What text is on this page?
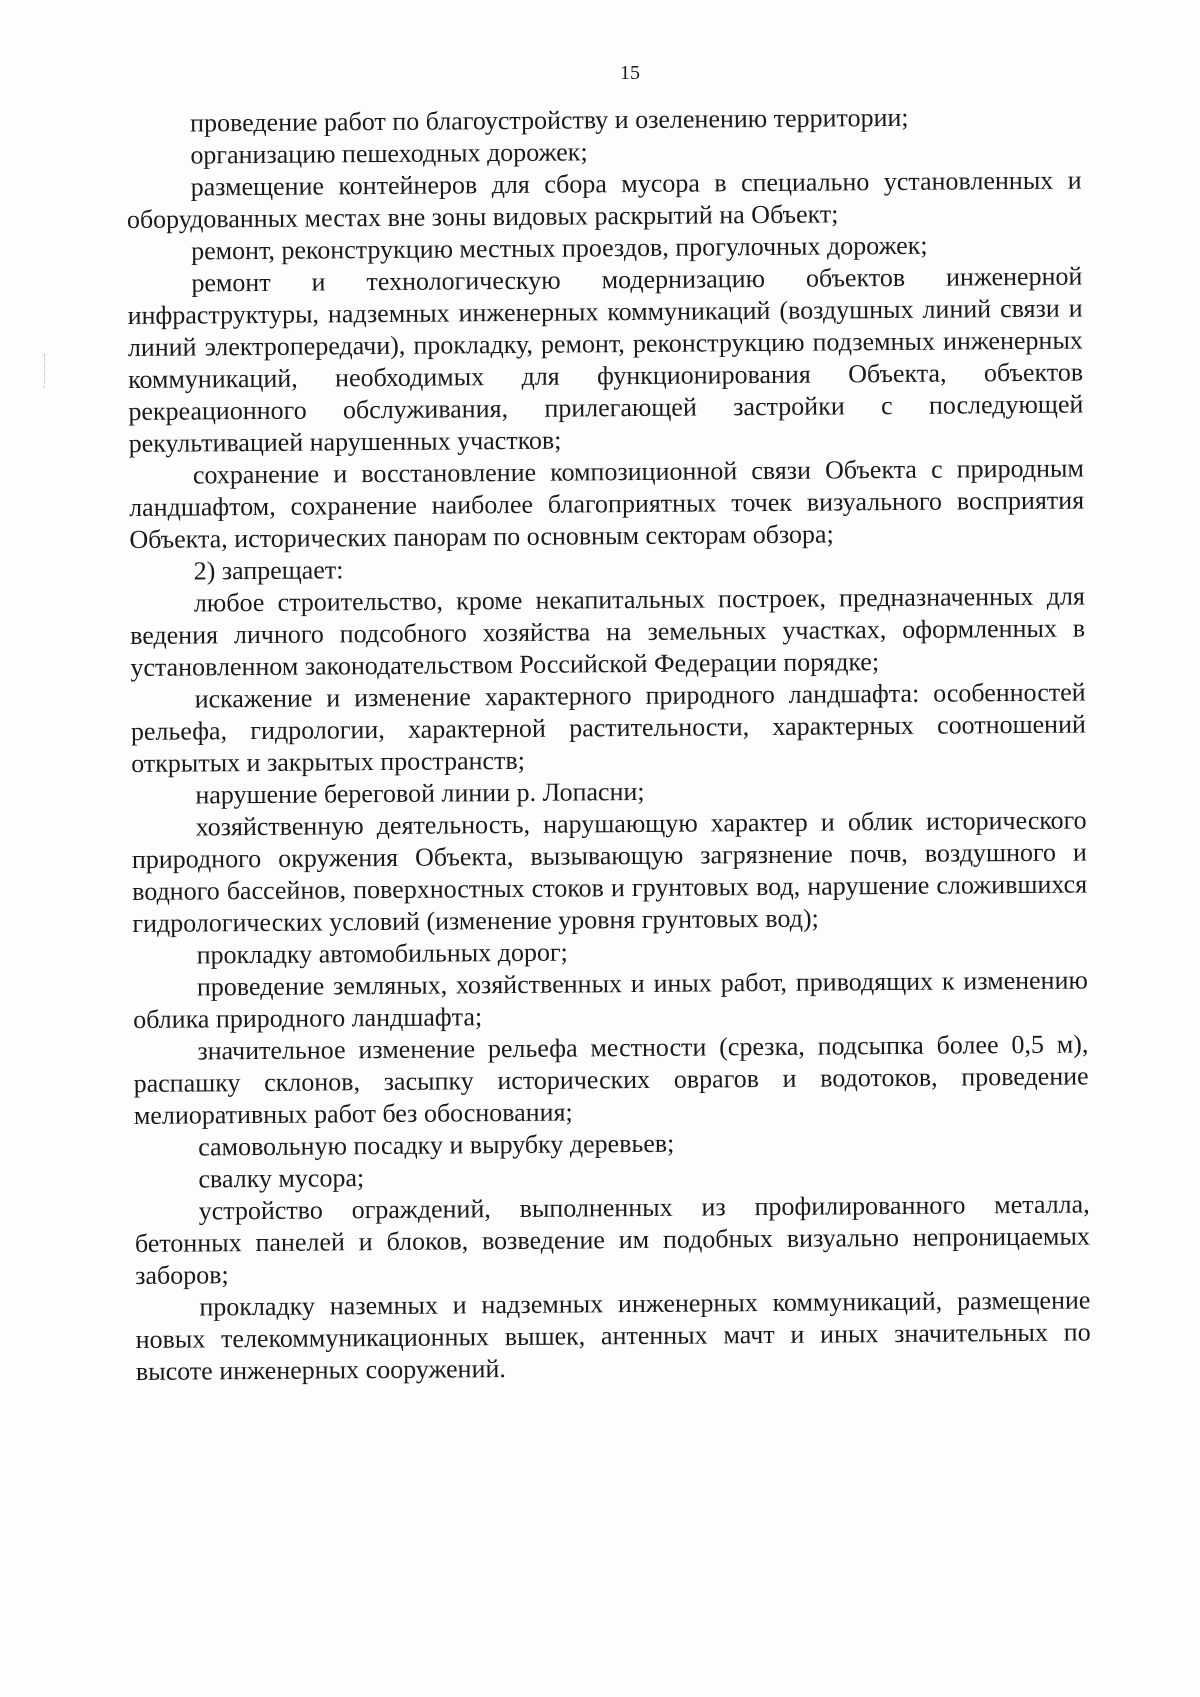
15

проведение работ по благоустройству и озеленению территории;

организацию пешеходных дорожек;

размещение контейнеров для сбора мусора в специально установленных и оборудованных местах вне зоны видовых раскрытий на Объект;

ремонт, реконструкцию местных проездов, прогулочных дорожек;

ремонт и технологическую модернизацию объектов инженерной инфраструктуры, надземных инженерных коммуникаций (воздушных линий связи и линий электропередачи), прокладку, ремонт, реконструкцию подземных инженерных коммуникаций, необходимых для функционирования Объекта, объектов рекреационного обслуживания, прилегающей застройки с последующей рекультивацией нарушенных участков;

сохранение и восстановление композиционной связи Объекта с природным ландшафтом, сохранение наиболее благоприятных точек визуального восприятия Объекта, исторических панорам по основным секторам обзора;

2) запрещает:

любое строительство, кроме некапитальных построек, предназначенных для ведения личного подсобного хозяйства на земельных участках, оформленных в установленном законодательством Российской Федерации порядке;

искажение и изменение характерного природного ландшафта: особенностей рельефа, гидрологии, характерной растительности, характерных соотношений открытых и закрытых пространств;

нарушение береговой линии р. Лопасни;

хозяйственную деятельность, нарушающую характер и облик исторического природного окружения Объекта, вызывающую загрязнение почв, воздушного и водного бассейнов, поверхностных стоков и грунтовых вод, нарушение сложившихся гидрологических условий (изменение уровня грунтовых вод);

прокладку автомобильных дорог;

проведение земляных, хозяйственных и иных работ, приводящих к изменению облика природного ландшафта;

значительное изменение рельефа местности (срезка, подсыпка более 0,5 м), распашку склонов, засыпку исторических оврагов и водотоков, проведение мелиоративных работ без обоснования;

самовольную посадку и вырубку деревьев;

свалку мусора;

устройство ограждений, выполненных из профилированного металла, бетонных панелей и блоков, возведение им подобных визуально непроницаемых заборов;

прокладку наземных и надземных инженерных коммуникаций, размещение новых телекоммуникационных вышек, антенных мачт и иных значительных по высоте инженерных сооружений.
